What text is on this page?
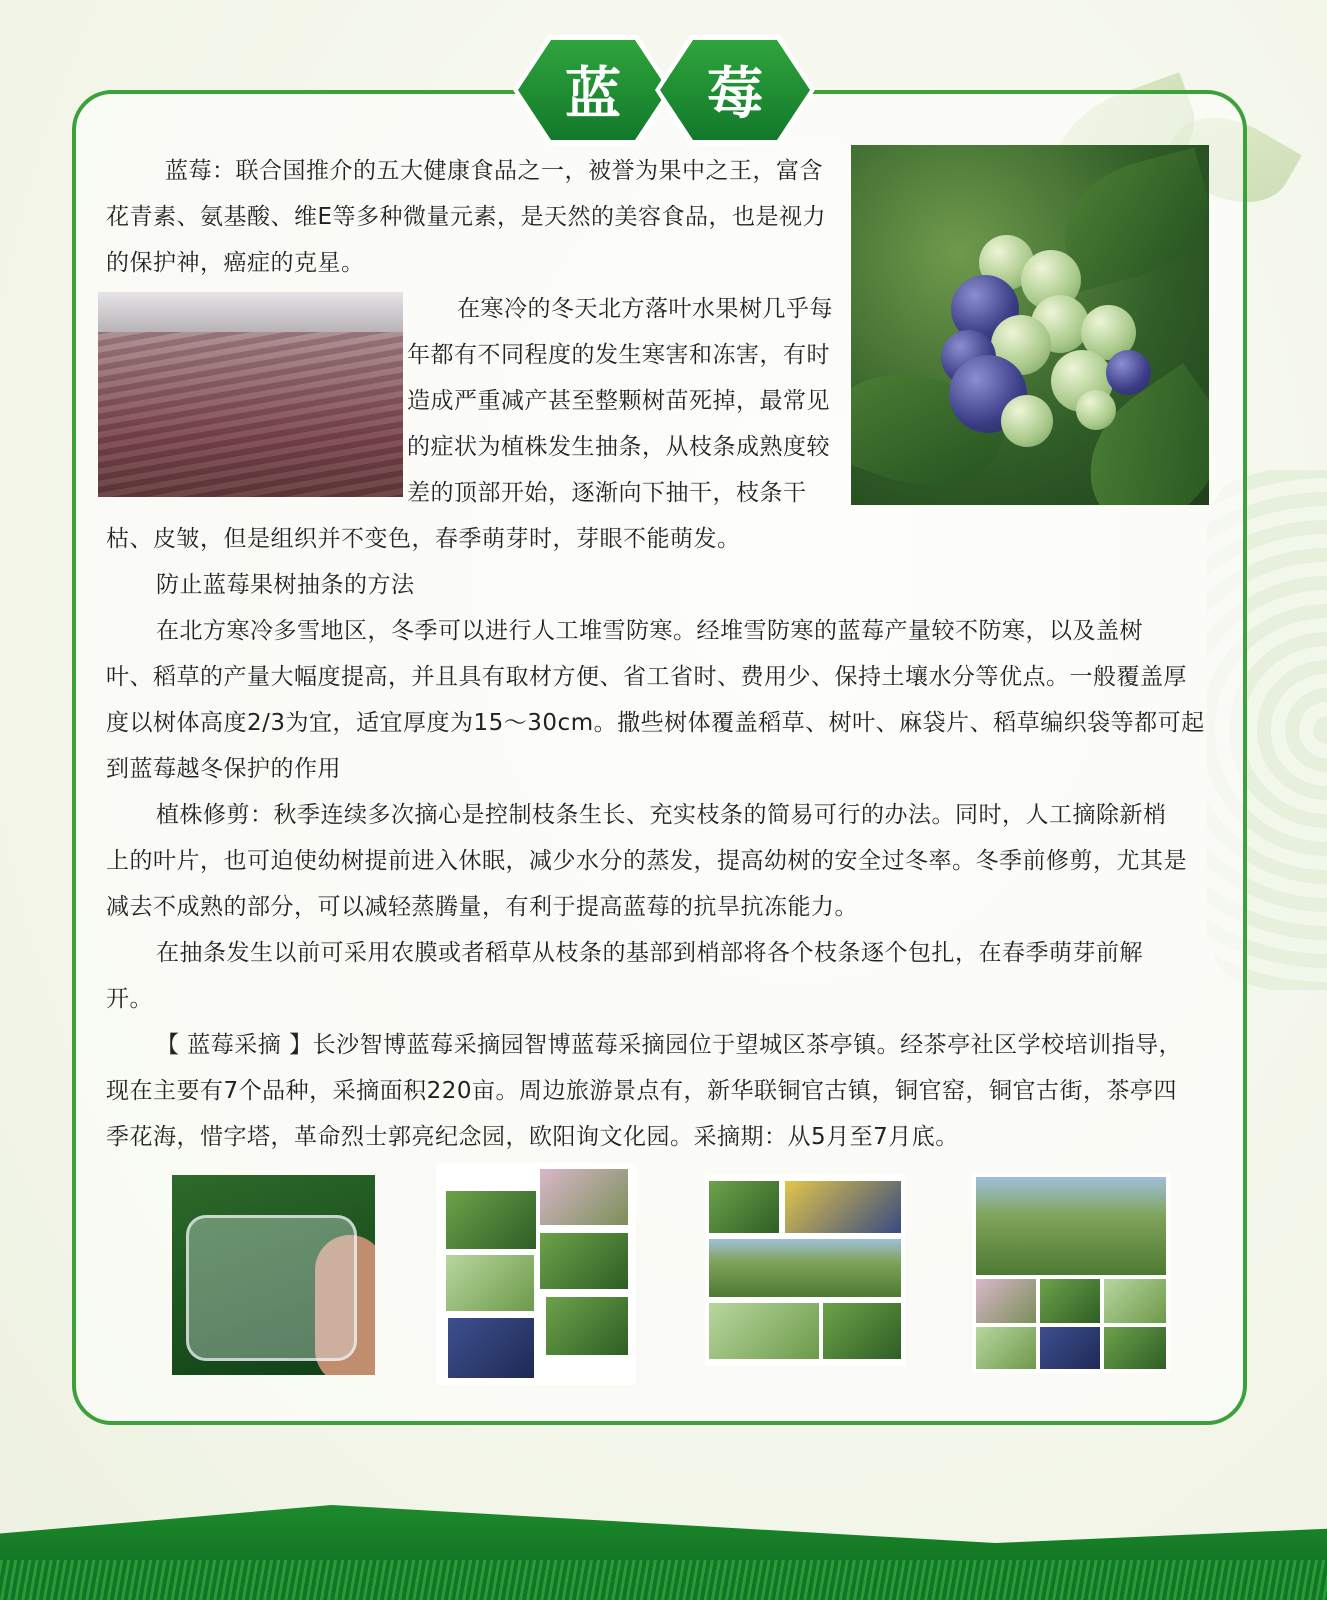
蓝 莓

蓝莓：联合国推介的五大健康食品之一，被誉为果中之王，富含

花青素、氨基酸、维E等多种微量元素，是天然的美容食品，也是视力

的保护神，癌症的克星。

在寒冷的冬天北方落叶水果树几乎每

年都有不同程度的发生寒害和冻害，有时

造成严重减产甚至整颗树苗死掉，最常见

的症状为植株发生抽条，从枝条成熟度较

差的顶部开始，逐渐向下抽干，枝条干

枯、皮皱，但是组织并不变色，春季萌芽时，芽眼不能萌发。

防止蓝莓果树抽条的方法

在北方寒冷多雪地区，冬季可以进行人工堆雪防寒。经堆雪防寒的蓝莓产量较不防寒，以及盖树

叶、稻草的产量大幅度提高，并且具有取材方便、省工省时、费用少、保持土壤水分等优点。一般覆盖厚

度以树体高度2/3为宜，适宜厚度为15～30cm。撒些树体覆盖稻草、树叶、麻袋片、稻草编织袋等都可起

到蓝莓越冬保护的作用

植株修剪：秋季连续多次摘心是控制枝条生长、充实枝条的简易可行的办法。同时，人工摘除新梢

上的叶片，也可迫使幼树提前进入休眠，减少水分的蒸发，提高幼树的安全过冬率。冬季前修剪，尤其是

减去不成熟的部分，可以减轻蒸腾量，有利于提高蓝莓的抗旱抗冻能力。

在抽条发生以前可采用农膜或者稻草从枝条的基部到梢部将各个枝条逐个包扎，在春季萌芽前解

开。

【 蓝莓采摘 】长沙智博蓝莓采摘园智博蓝莓采摘园位于望城区茶亭镇。经茶亭社区学校培训指导，

现在主要有7个品种，采摘面积220亩。周边旅游景点有，新华联铜官古镇，铜官窑，铜官古街，茶亭四

季花海，惜字塔，革命烈士郭亮纪念园，欧阳询文化园。采摘期：从5月至7月底。
